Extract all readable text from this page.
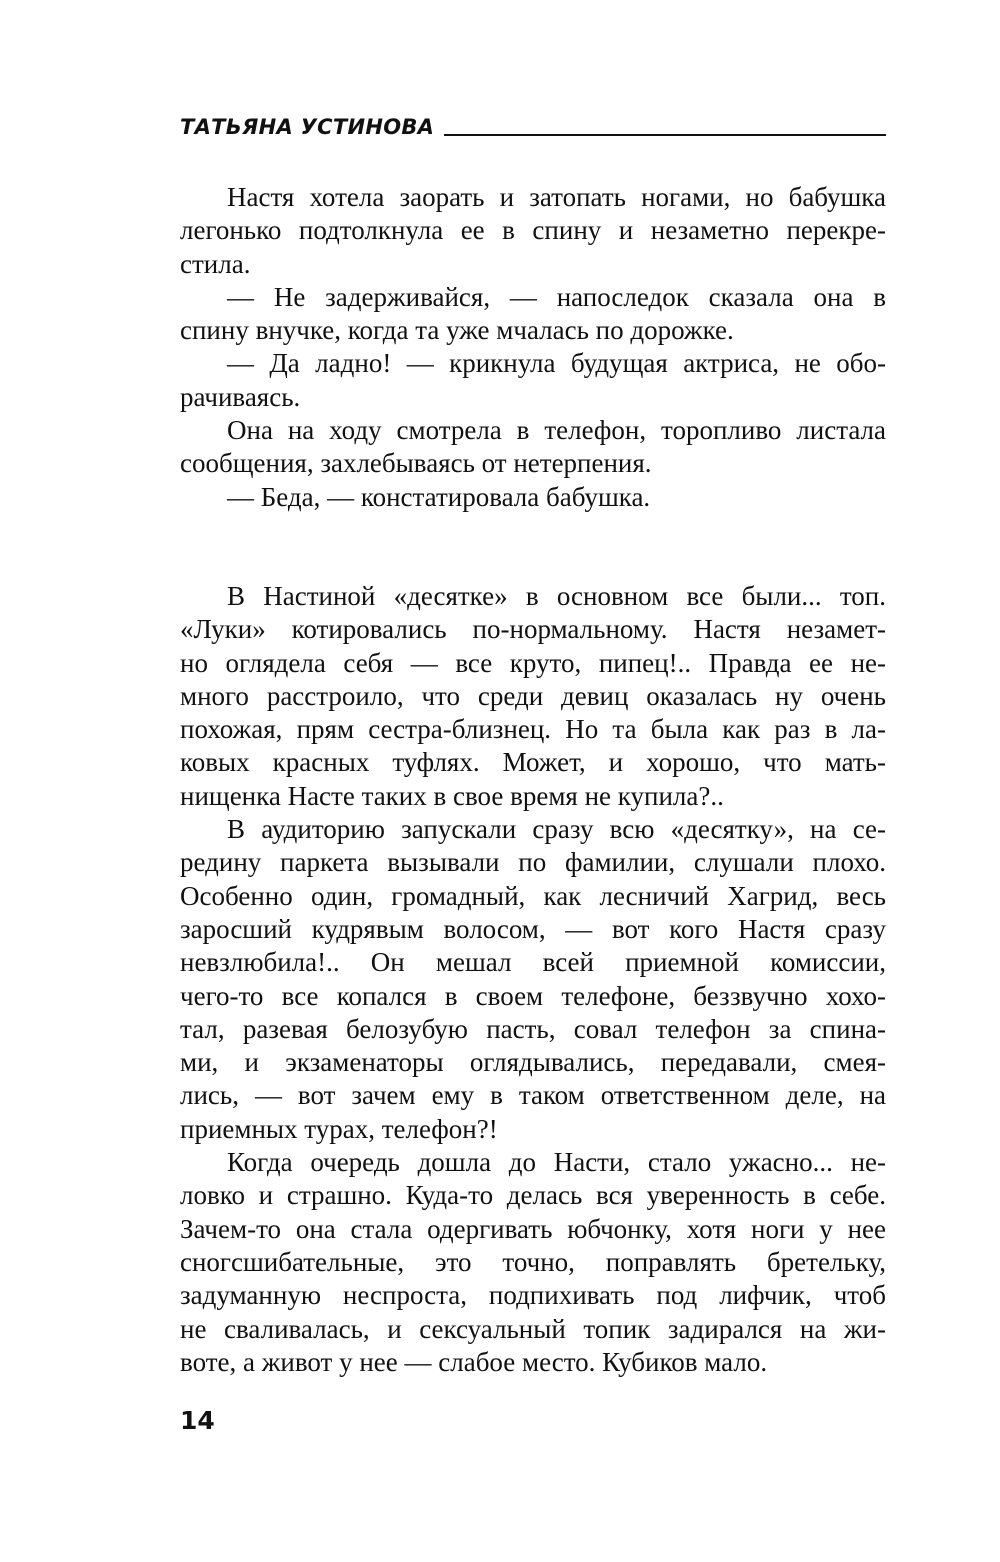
ТАТЬЯНА УСТИНОВА
Настя хотела заорать и затопать ногами, но бабушка
легонько подтолкнула ее в спину и незаметно перекре-
стила.
— Не задерживайся, — напоследок сказала она в
спину внучке, когда та уже мчалась по дорожке.
— Да ладно! — крикнула будущая актриса, не обо-
рачиваясь.
Она на ходу смотрела в телефон, торопливо листала
сообщения, захлебываясь от нетерпения.
— Беда, — констатировала бабушка.
В Настиной «десятке» в основном все были... топ.
«Луки» котировались по-нормальному. Настя незамет-
но оглядела себя — все круто, пипец!.. Правда ее не-
много расстроило, что среди девиц оказалась ну очень
похожая, прям сестра-близнец. Но та была как раз в ла-
ковых красных туфлях. Может, и хорошо, что мать-
нищенка Насте таких в свое время не купила?..
В аудиторию запускали сразу всю «десятку», на се-
редину паркета вызывали по фамилии, слушали плохо.
Особенно один, громадный, как лесничий Хагрид, весь
заросший кудрявым волосом, — вот кого Настя сразу
невзлюбила!.. Он мешал всей приемной комиссии,
чего-то все копался в своем телефоне, беззвучно хохо-
тал, разевая белозубую пасть, совал телефон за спина-
ми, и экзаменаторы оглядывались, передавали, смея-
лись, — вот зачем ему в таком ответственном деле, на
приемных турах, телефон?!
Когда очередь дошла до Насти, стало ужасно... не-
ловко и страшно. Куда-то делась вся уверенность в себе.
Зачем-то она стала одергивать юбчонку, хотя ноги у нее
сногсшибательные, это точно, поправлять бретельку,
задуманную неспроста, подпихивать под лифчик, чтоб
не сваливалась, и сексуальный топик задирался на жи-
воте, а живот у нее — слабое место. Кубиков мало.
14
